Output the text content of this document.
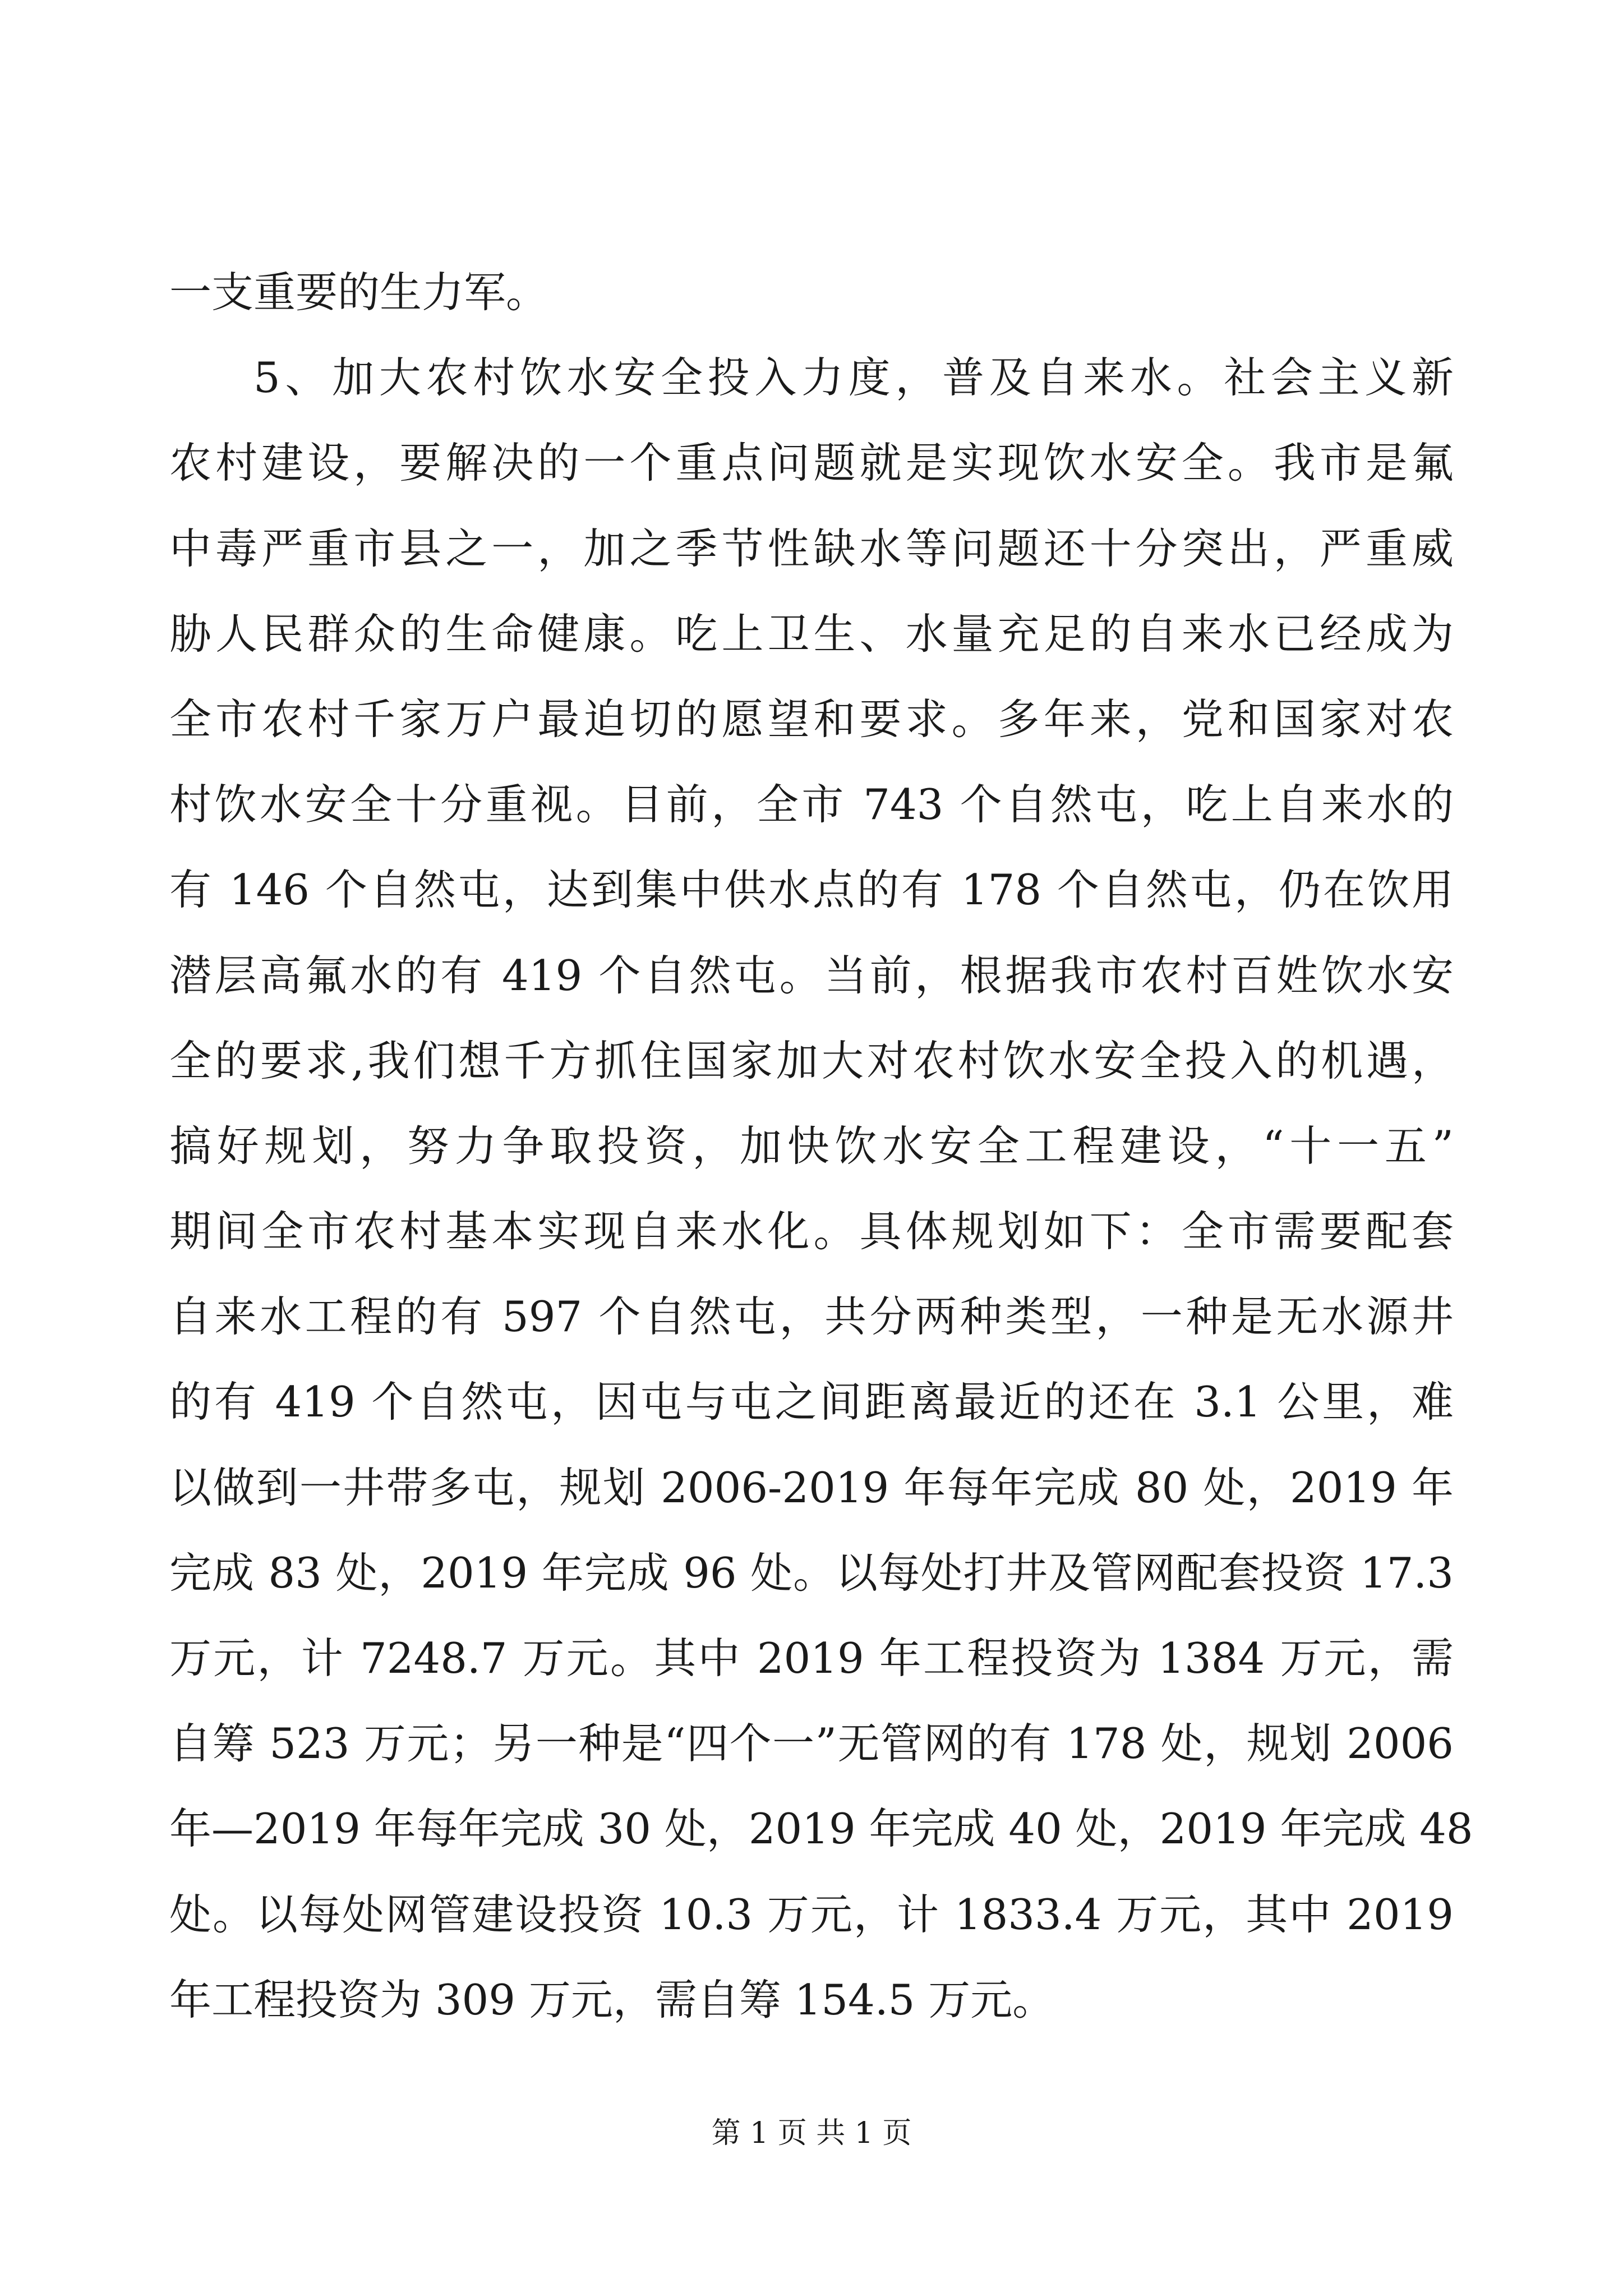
一支重要的生力军。
5、加大农村饮水安全投入力度，普及自来水。社会主义新
农村建设，要解决的一个重点问题就是实现饮水安全。我市是氟
中毒严重市县之一，加之季节性缺水等问题还十分突出，严重威
胁人民群众的生命健康。吃上卫生、水量充足的自来水已经成为
全市农村千家万户最迫切的愿望和要求。多年来，党和国家对农
村饮水安全十分重视。目前，全市 743 个自然屯，吃上自来水的
有 146 个自然屯，达到集中供水点的有 178 个自然屯，仍在饮用
潜层高氟水的有 419 个自然屯。当前，根据我市农村百姓饮水安
全的要求,我们想千方抓住国家加大对农村饮水安全投入的机遇，
搞好规划，努力争取投资，加快饮水安全工程建设，“十一五”
期间全市农村基本实现自来水化。具体规划如下：全市需要配套
自来水工程的有 597 个自然屯，共分两种类型，一种是无水源井
的有 419 个自然屯，因屯与屯之间距离最近的还在 3.1 公里，难
以做到一井带多屯，规划 2006-2019 年每年完成 80 处，2019 年
完成 83 处，2019 年完成 96 处。以每处打井及管网配套投资 17.3
万元，计 7248.7 万元。其中 2019 年工程投资为 1384 万元，需
自筹 523 万元；另一种是“四个一”无管网的有 178 处，规划 2006
年—2019 年每年完成 30 处，2019 年完成 40 处，2019 年完成 48
处。以每处网管建设投资 10.3 万元，计 1833.4 万元，其中 2019
年工程投资为 309 万元，需自筹 154.5 万元。
第 1 页 共 1 页
